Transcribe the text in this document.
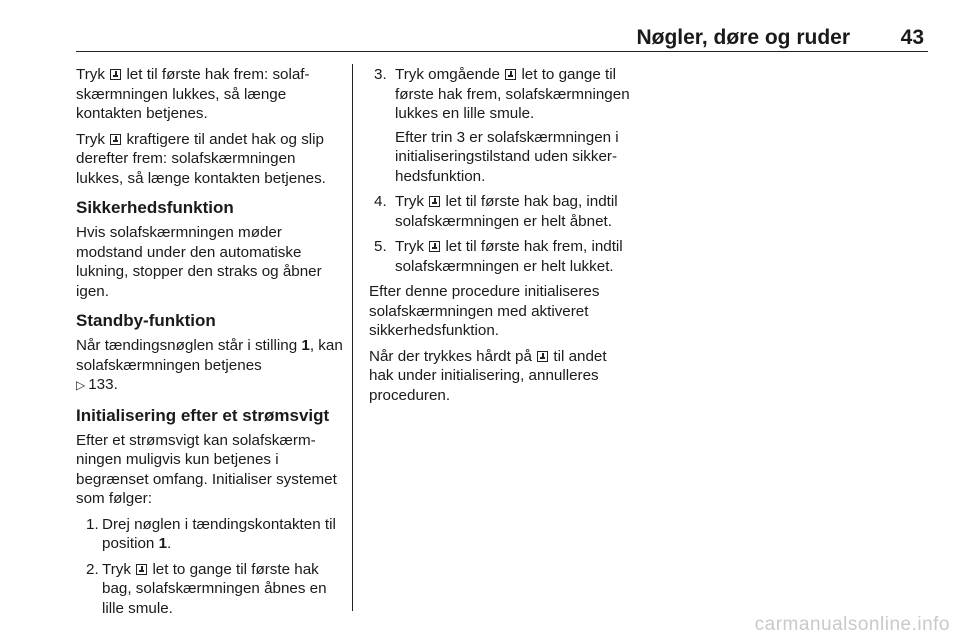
Nøgler, døre og ruder 43

Tryk let til første hak frem: solafskærmningen lukkes, så længe kontakten betjenes.

Tryk kraftigere til andet hak og slip derefter frem: solafskærmningen lukkes, så længe kontakten betjenes.

Sikkerhedsfunktion

Hvis solafskærmningen møder modstand under den automatiske lukning, stopper den straks og åbner igen.

Standby-funktion

Når tændingsnøglen står i stilling 1, kan solafskærmningen betjenes
▷ 133.

Initialisering efter et strømsvigt

Efter et strømsvigt kan solafskærmningen muligvis kun betjenes i begrænset omfang. Initialiser systemet som følger:

1. Drej nøglen i tændingskontakten til position 1.
2. Tryk let to gange til første hak bag, solafskærmningen åbnes en lille smule.
3. Tryk omgående let to gange til første hak frem, solafskærmningen lukkes en lille smule.

Efter trin 3 er solafskærmningen i initialiseringstilstand uden sikkerhedsfunktion.

4. Tryk let til første hak bag, indtil solafskærmningen er helt åbnet.
5. Tryk let til første hak frem, indtil solafskærmningen er helt lukket.

Efter denne procedure initialiseres solafskærmningen med aktiveret sikkerhedsfunktion.

Når der trykkes hårdt på til andet hak under initialisering, annulleres proceduren.

carmanualsonline.info
